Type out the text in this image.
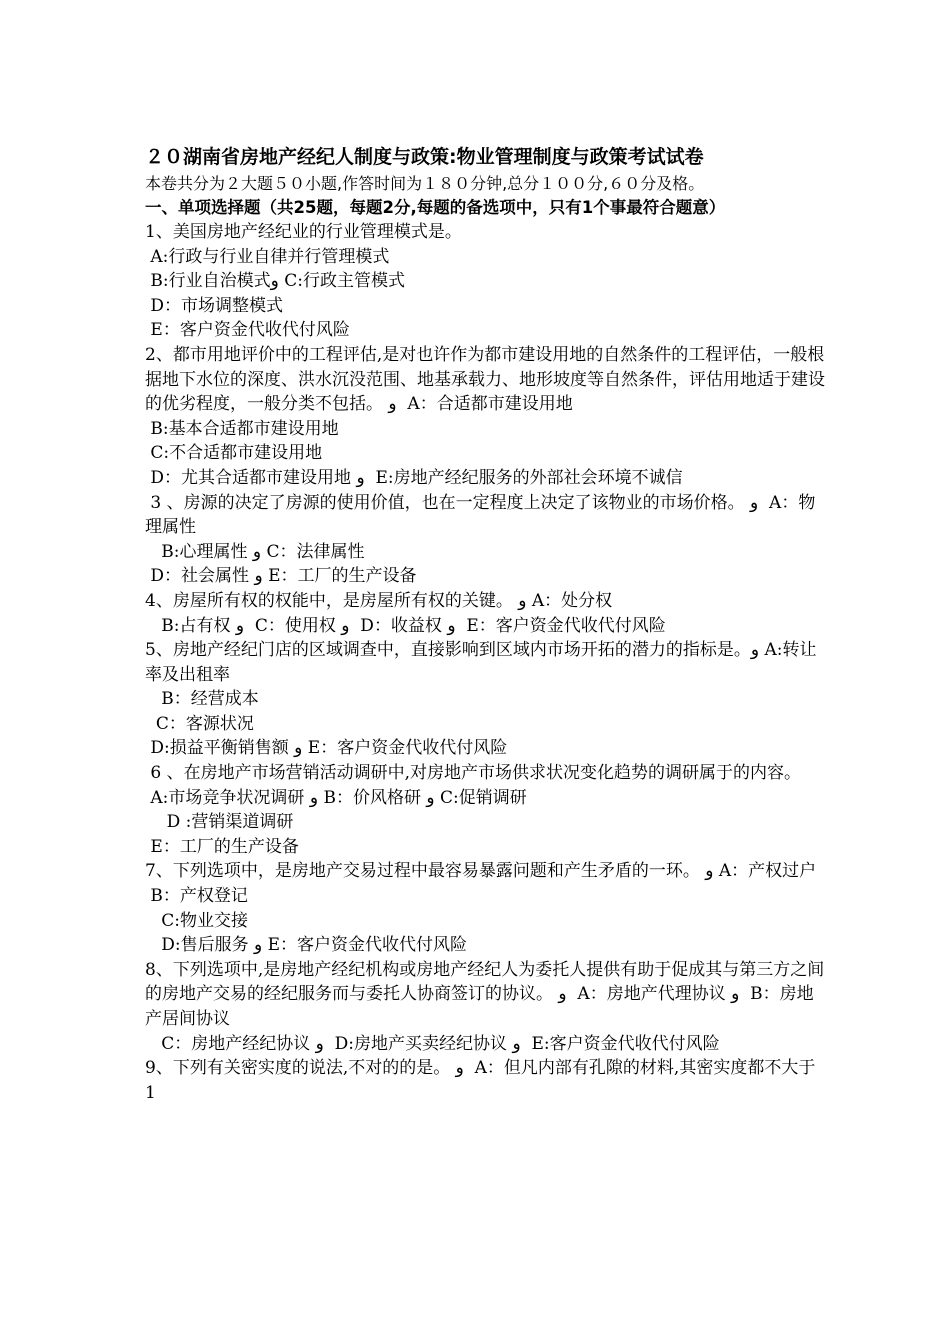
２０湖南省房地产经纪人制度与政策:物业管理制度与政策考试试卷
本卷共分为２大题５０小题,作答时间为１８０分钟,总分１００分,６０分及格。
一、单项选择题（共25题，每题2分,每题的备选项中，只有1个事最符合题意）
1、美国房地产经纪业的行业管理模式是。
A:行政与行业自律并行管理模式
B:行业自治模式و C:行政主管模式
D：市场调整模式
E：客户资金代收代付风险
2、都市用地评价中的工程评估,是对也许作为都市建设用地的自然条件的工程评估，一般根据地下水位的深度、洪水沉没范围、地基承载力、地形坡度等自然条件，评估用地适于建设的优劣程度，一般分类不包括。 و  A：合适都市建设用地
B:基本合适都市建设用地
C:不合适都市建设用地
D：尤其合适都市建设用地 و  E:房地产经纪服务的外部社会环境不诚信
3 、房源的决定了房源的使用价值，也在一定程度上决定了该物业的市场价格。 و  A：物理属性
B:心理属性 و C：法律属性
D：社会属性 و E：工厂的生产设备
4、房屋所有权的权能中，是房屋所有权的关键。 و A：处分权
B:占有权 و  C：使用权 و  D：收益权 و  E：客户资金代收代付风险
5、房地产经纪门店的区域调查中，直接影响到区域内市场开拓的潜力的指标是。و A:转让率及出租率
B：经营成本
C：客源状况
D:损益平衡销售额 و E：客户资金代收代付风险
6 、在房地产市场营销活动调研中,对房地产市场供求状况变化趋势的调研属于的内容。
A:市场竞争状况调研 و B：价风格研 و C:促销调研
D :营销渠道调研
E：工厂的生产设备
7、下列选项中，是房地产交易过程中最容易暴露问题和产生矛盾的一环。 و A：产权过户
B：产权登记
C:物业交接
D:售后服务 و E：客户资金代收代付风险
8、下列选项中,是房地产经纪机构或房地产经纪人为委托人提供有助于促成其与第三方之间的房地产交易的经纪服务而与委托人协商签订的协议。 و  A：房地产代理协议 و  B：房地产居间协议
C：房地产经纪协议 و  D:房地产买卖经纪协议 و  E:客户资金代收代付风险
9、下列有关密实度的说法,不对的的是。 و  A：但凡内部有孔隙的材料,其密实度都不大于1
